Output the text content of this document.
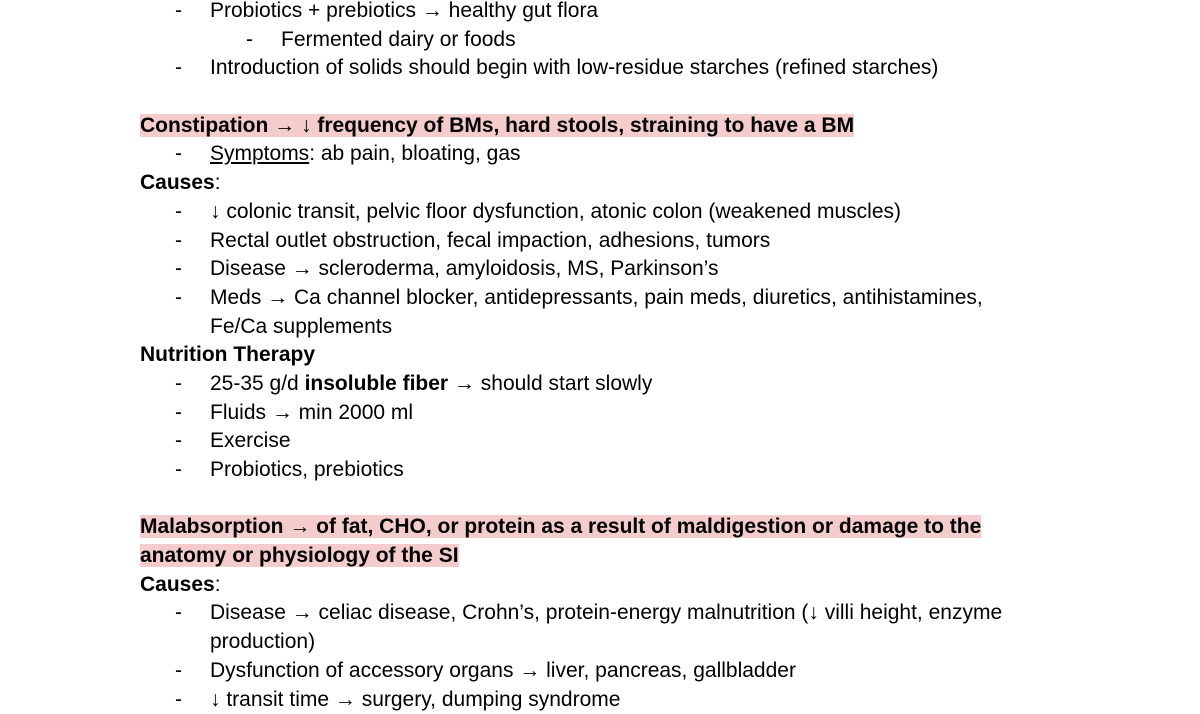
-	Probiotics + prebiotics → healthy gut flora
-	Fermented dairy or foods
-	Introduction of solids should begin with low-residue starches (refined starches)
Constipation → ↓ frequency of BMs, hard stools, straining to have a BM
-	Symptoms: ab pain, bloating, gas
Causes:
-	↓ colonic transit, pelvic floor dysfunction, atonic colon (weakened muscles)
-	Rectal outlet obstruction, fecal impaction, adhesions, tumors
-	Disease → scleroderma, amyloidosis, MS, Parkinson’s
-	Meds → Ca channel blocker, antidepressants, pain meds, diuretics, antihistamines, Fe/Ca supplements
Nutrition Therapy
-	25-35 g/d insoluble fiber → should start slowly
-	Fluids → min 2000 ml
-	Exercise
-	Probiotics, prebiotics
Malabsorption → of fat, CHO, or protein as a result of maldigestion or damage to the
anatomy or physiology of the SI
Causes:
-	Disease → celiac disease, Crohn’s, protein-energy malnutrition (↓ villi height, enzyme production)
-	Dysfunction of accessory organs → liver, pancreas, gallbladder
-	↓ transit time → surgery, dumping syndrome
